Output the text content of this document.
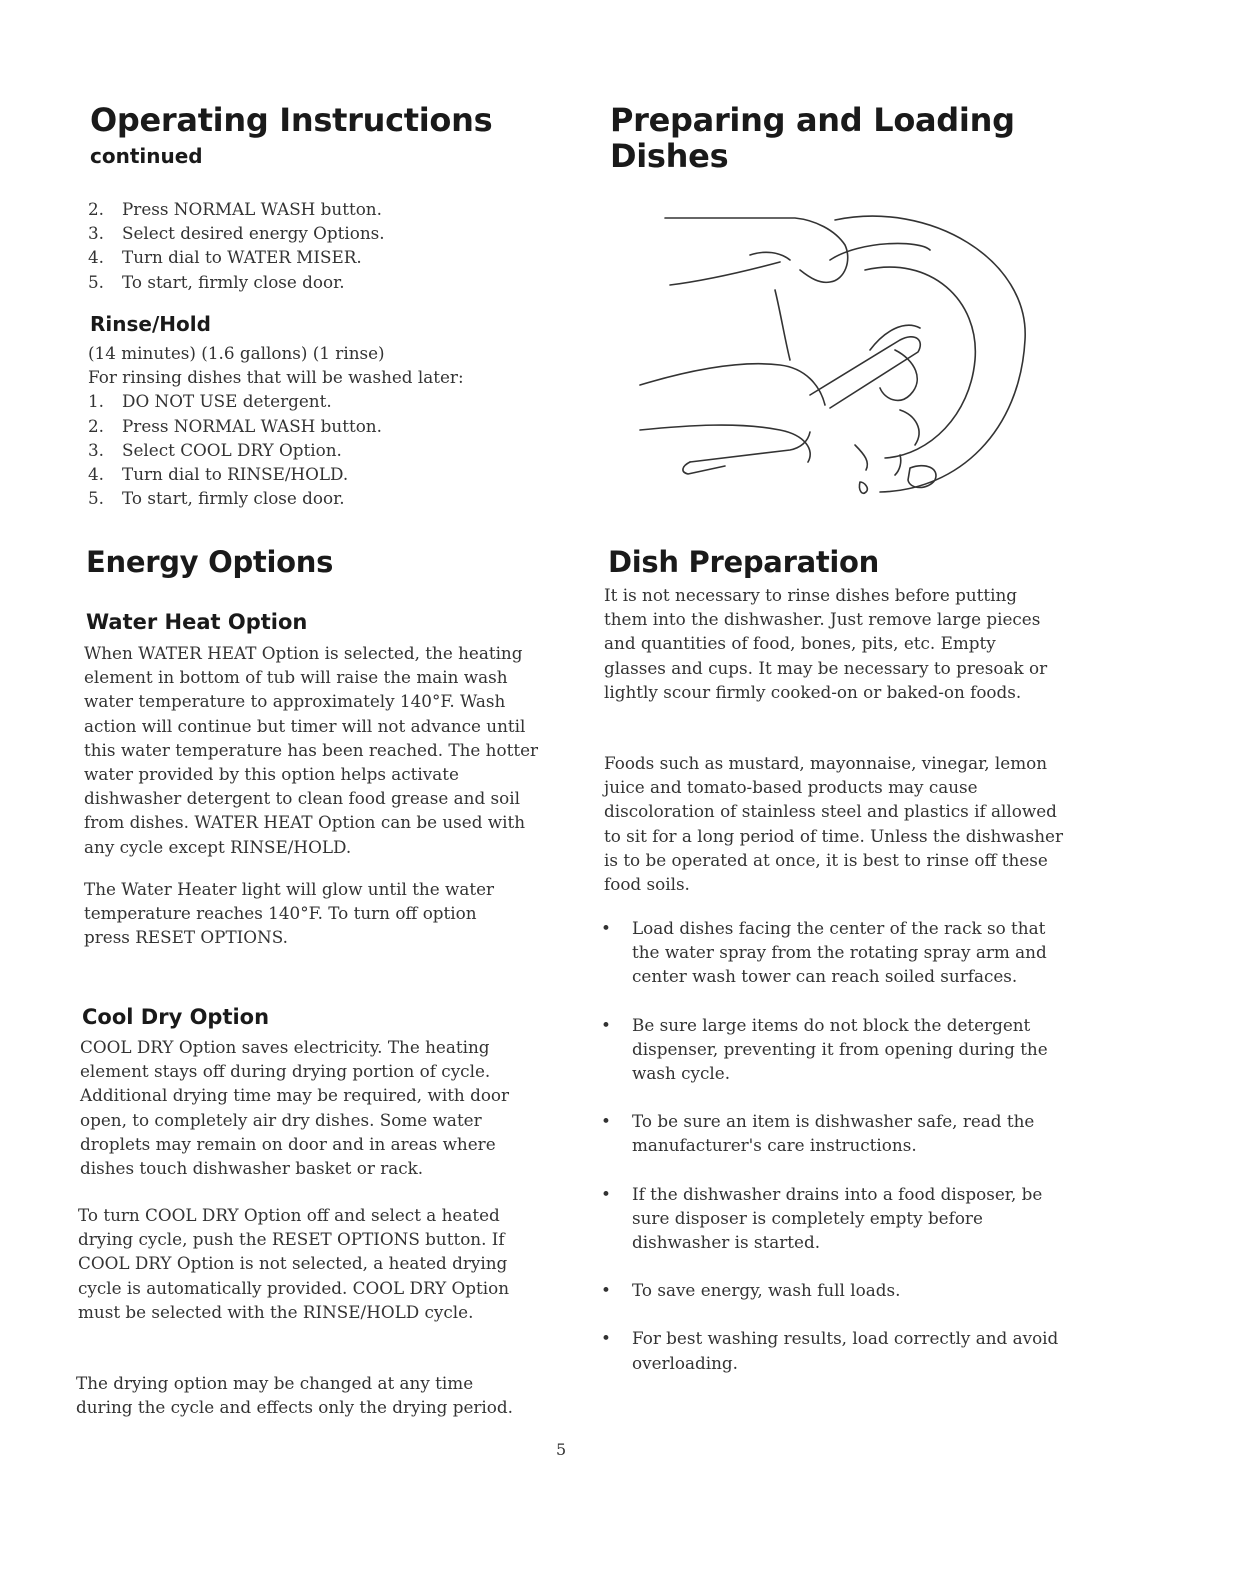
Operating Instructions
continued
2. Press NORMAL WASH button.
3. Select desired energy Options.
4. Turn dial to WATER MISER.
5. To start, firmly close door.
Rinse/Hold
(14 minutes) (1.6 gallons) (1 rinse)
For rinsing dishes that will be washed later:
1. DO NOT USE detergent.
2. Press NORMAL WASH button.
3. Select COOL DRY Option.
4. Turn dial to RINSE/HOLD.
5. To start, firmly close door.
Energy Options
Water Heat Option

When WATER HEAT Option is selected, the heating element in bottom of tub will raise the main wash water temperature to approximately 140°F. Wash action will continue but timer will not advance until this water temperature has been reached. The hotter water provided by this option helps activate dishwasher detergent to clean food grease and soil from dishes. WATER HEAT Option can be used with any cycle except RINSE/HOLD.

The Water Heater light will glow until the water temperature reaches 140°F. To turn off option press RESET OPTIONS.

Cool Dry Option

COOL DRY Option saves electricity. The heating element stays off during drying portion of cycle. Additional drying time may be required, with door open, to completely air dry dishes. Some water droplets may remain on door and in areas where dishes touch dishwasher basket or rack.

To turn COOL DRY Option off and select a heated drying cycle, push the RESET OPTIONS button. If COOL DRY Option is not selected, a heated drying cycle is automatically provided. COOL DRY Option must be selected with the RINSE/HOLD cycle.

The drying option may be changed at any time during the cycle and effects only the drying period.

Preparing and Loading
Dishes
Dish Preparation

It is not necessary to rinse dishes before putting them into the dishwasher. Just remove large pieces and quantities of food, bones, pits, etc. Empty glasses and cups. It may be necessary to presoak or lightly scour firmly cooked-on or baked-on foods.

Foods such as mustard, mayonnaise, vinegar, lemon juice and tomato-based products may cause discoloration of stainless steel and plastics if allowed to sit for a long period of time. Unless the dishwasher is to be operated at once, it is best to rinse off these food soils.

• Load dishes facing the center of the rack so that the water spray from the rotating spray arm and center wash tower can reach soiled surfaces.
• Be sure large items do not block the detergent dispenser, preventing it from opening during the wash cycle.
• To be sure an item is dishwasher safe, read the manufacturer's care instructions.
• If the dishwasher drains into a food disposer, be sure disposer is completely empty before dishwasher is started.
• To save energy, wash full loads.
• For best washing results, load correctly and avoid overloading.
5
